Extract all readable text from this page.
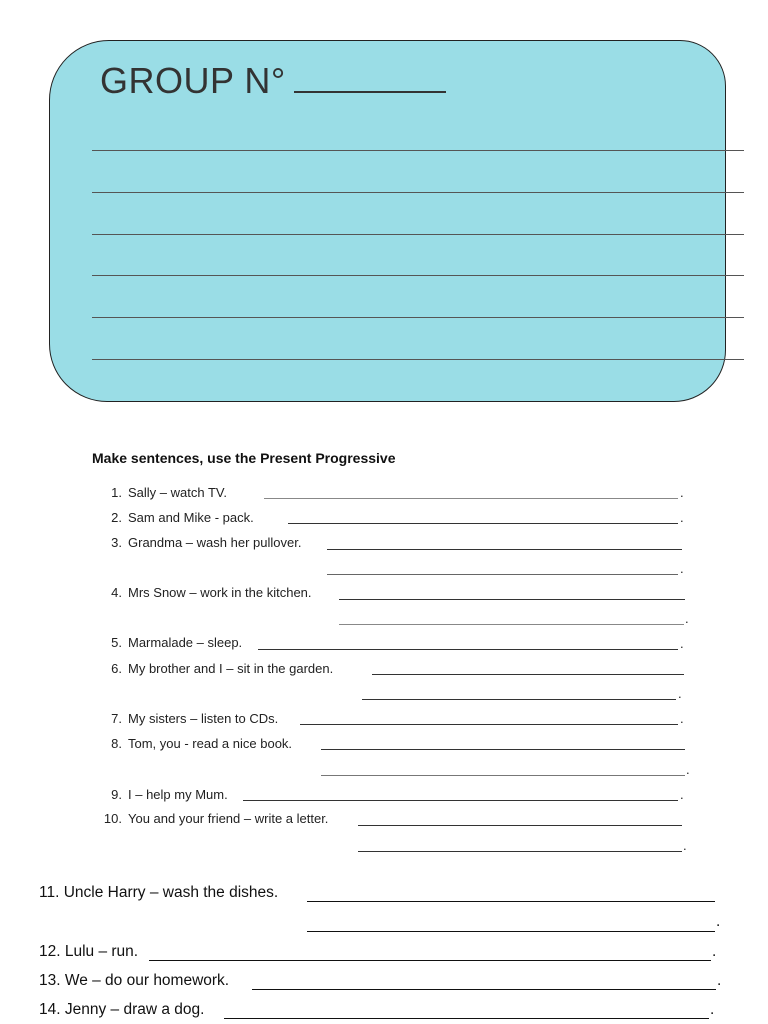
GROUP N°
Make sentences, use the Present Progressive
1. Sally – watch TV.	.
2. Sam and Mike - pack.	.
3. Grandma – wash her pullover.
.
4. Mrs Snow – work in the kitchen.
.
5. Marmalade – sleep.	.
6. My brother and I – sit in the garden.
.
7. My sisters – listen to CDs.	.
8. Tom, you - read a nice book.
.
9. I – help my Mum.	.
10. You and your friend – write a letter.
.
11. Uncle Harry – wash the dishes.
.
12. Lulu – run.	.
13. We – do our homework.	.
14. Jenny – draw a dog.	.
